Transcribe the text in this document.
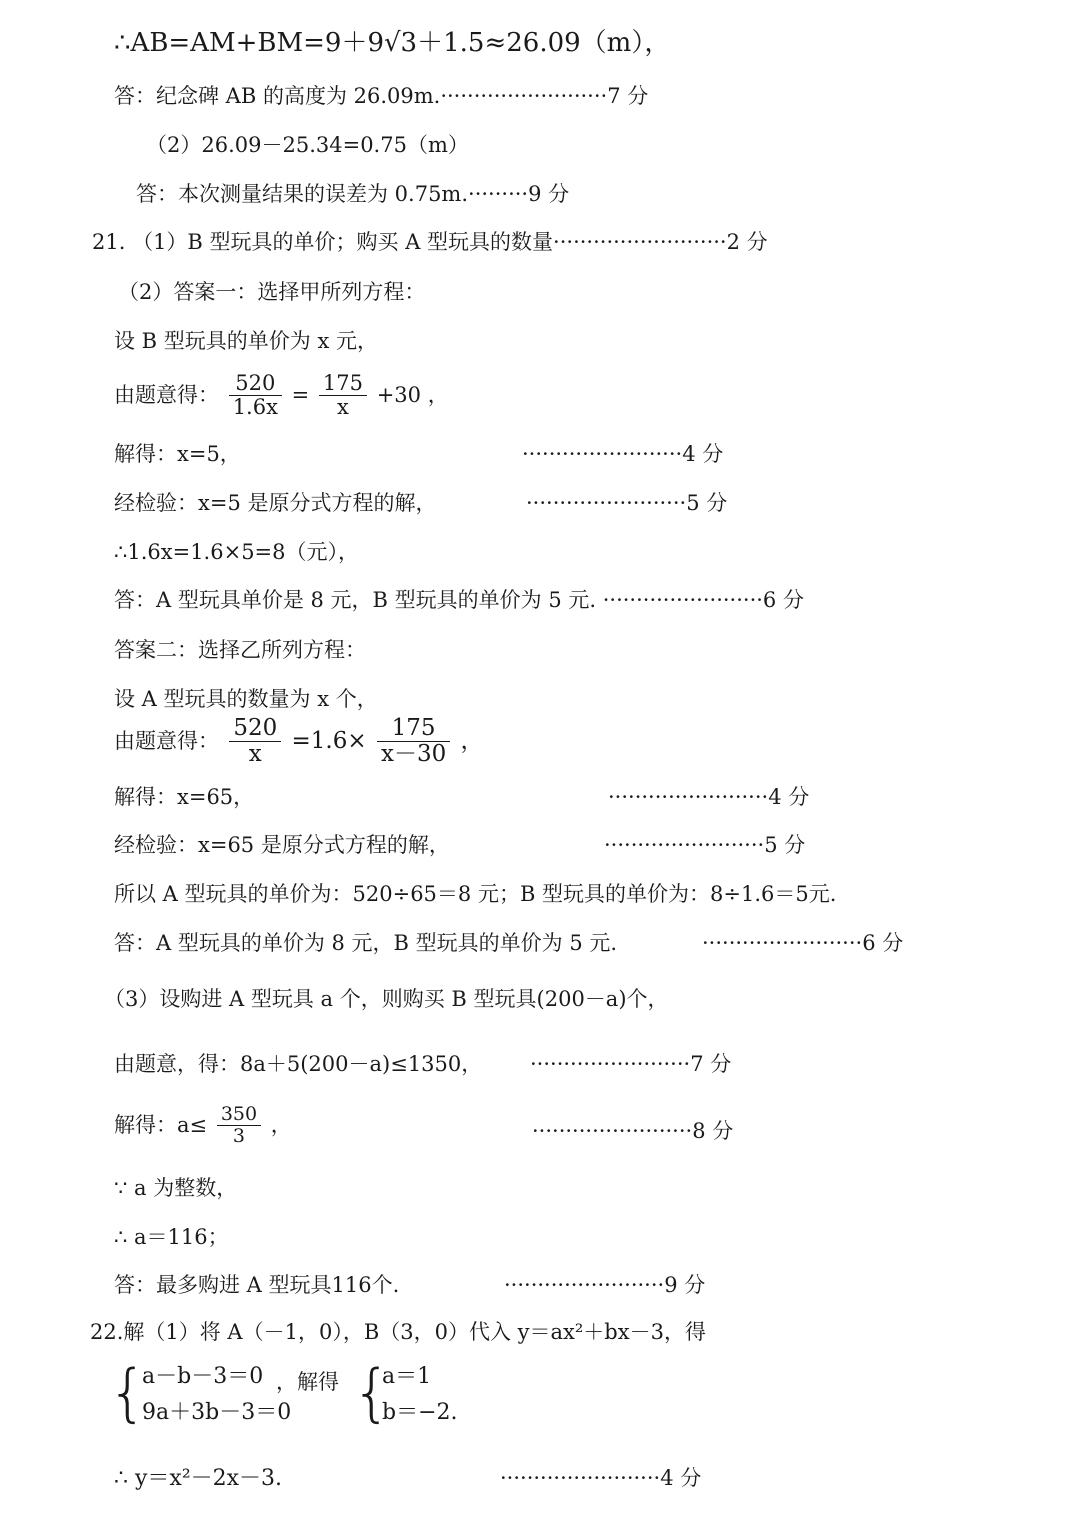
∴AB=AM+BM=9＋9√3＋1.5≈26.09（m），
答：纪念碑 AB 的高度为 26.09m.·························7 分
（2）26.09－25.34=0.75（m）
答：本次测量结果的误差为 0.75m.·········9 分
21. （1）B 型玩具的单价；购买 A 型玩具的数量··························2 分
（2）答案一：选择甲所列方程：
设 B 型玩具的单价为 x 元，
由题意得： $\frac{520}{1.6x} = \frac{175}{x} +30$ ，
解得：x=5，	························4 分
经检验：x=5 是原分式方程的解，	························5 分
∴1.6x=1.6×5=8（元），
答：A 型玩具单价是 8 元，B 型玩具的单价为 5 元. ························6 分
答案二：选择乙所列方程：
设 A 型玩具的数量为 x 个，
由题意得： $\frac{520}{x} =1.6\times \frac{175}{x-30}$ ，
解得：x=65，	························4 分
经检验：x=65 是原分式方程的解，	························5 分
所以 A 型玩具的单价为：520÷65＝8 元；B 型玩具的单价为：8÷1.6＝5元.
答：A 型玩具的单价为 8 元，B 型玩具的单价为 5 元.	························6 分
（3）设购进 A 型玩具 a 个，则购买 B 型玩具(200－a)个，
由题意，得：8a＋5(200－a)≤1350， ························7 分
解得：$a\le \frac{350}{3}$ ，	························8 分
∵ a 为整数，
∴ a＝116；
答：最多购进 A 型玩具116个.	························9 分
22.解（1）将 A（－1，0），B（3，0）代入 y＝ax²＋bx－3，得
{
a－b－3＝0
9a＋3b－3＝0
，解得 {
a＝1
b＝−2.
∴ y＝x²－2x－3.	························4 分
